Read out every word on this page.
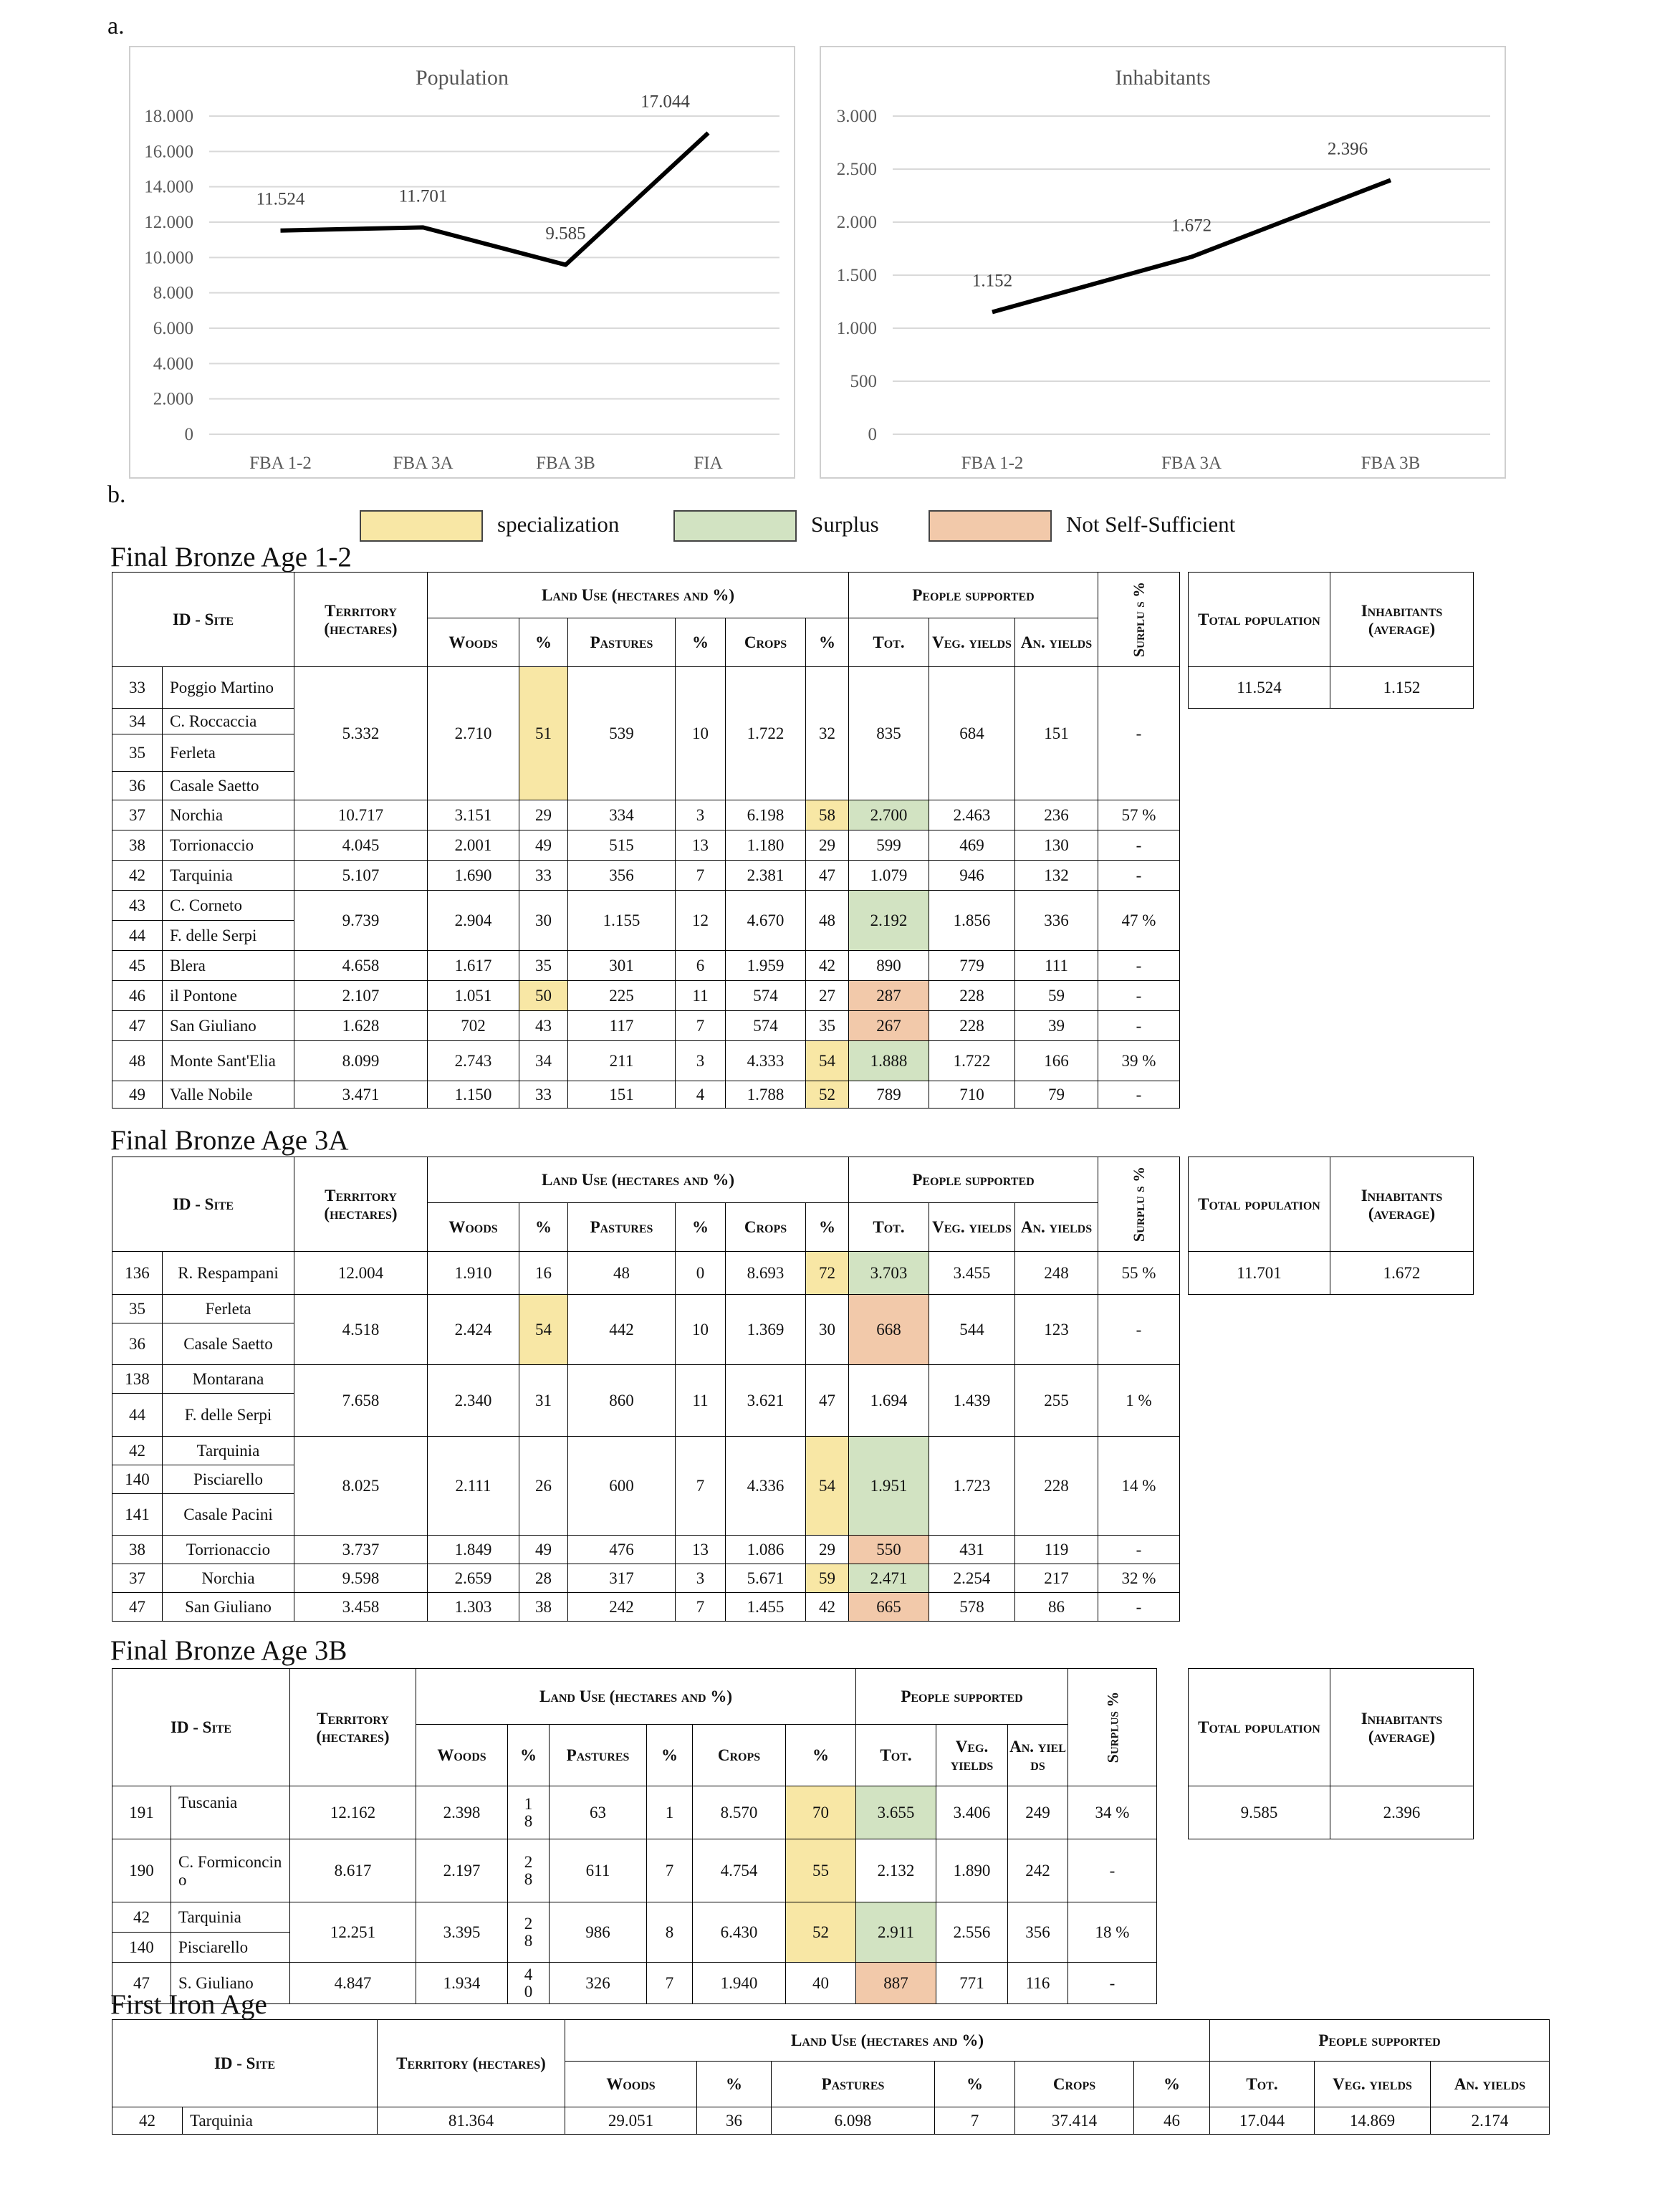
a.
b.
Population
0
2.000
4.000
6.000
8.000
10.000
12.000
14.000
16.000
18.000
FBA 1-2	FBA 3A	FBA 3B	FIA
11.524	11.701
9.585
17.044
Inhabitants
0
500
1.000
1.500
2.000
2.500
3.000
FBA 1-2	FBA 3A	FBA 3B
1.152
1.672
2.396
specialization	Surplus	Not Self-Sufficient
Final Bronze Age 1-2
Final Bronze Age 3A
Final Bronze Age 3B
First Iron Age
ID - Site		Territory (hectares)	Land Use (hectares and %)						People supported			Surplu s %
			Woods	%	Pastures	%	Crops	%	Tot.	Veg. yields	An. yields	
33	Poggio Martino	5.332	2.710	51	539	10	1.722	32	835	684	151	-
34	C. Roccaccia											
35	Ferleta											
36	Casale Saetto											
37	Norchia	10.717	3.151	29	334	3	6.198	58	2.700	2.463	236	57 %
38	Torrionaccio	4.045	2.001	49	515	13	1.180	29	599	469	130	-
42	Tarquinia	5.107	1.690	33	356	7	2.381	47	1.079	946	132	-
43	C. Corneto	9.739	2.904	30	1.155	12	4.670	48	2.192	1.856	336	47 %
44	F. delle Serpi											
45	Blera	4.658	1.617	35	301	6	1.959	42	890	779	111	-
46	il Pontone	2.107	1.051	50	225	11	574	27	287	228	59	-
47	San Giuliano	1.628	702	43	117	7	574	35	267	228	39	-
48	Monte Sant'Elia	8.099	2.743	34	211	3	4.333	54	1.888	1.722	166	39 %
49	Valle Nobile	3.471	1.150	33	151	4	1.788	52	789	710	79	-
Total population	Inhabitants (average)
11.524	1.152
ID - Site		Territory (hectares)	Land Use (hectares and %)						People supported			Surplu s %
			Woods	%	Pastures	%	Crops	%	Tot.	Veg. yields	An. yields	
136	R. Respampani	12.004	1.910	16	48	0	8.693	72	3.703	3.455	248	55 %
35	Ferleta	4.518	2.424	54	442	10	1.369	30	668	544	123	-
36	Casale Saetto											
138	Montarana	7.658	2.340	31	860	11	3.621	47	1.694	1.439	255	1 %
44	F. delle Serpi											
42	Tarquinia	8.025	2.111	26	600	7	4.336	54	1.951	1.723	228	14 %
140	Pisciarello											
141	Casale Pacini											
38	Torrionaccio	3.737	1.849	49	476	13	1.086	29	550	431	119	-
37	Norchia	9.598	2.659	28	317	3	5.671	59	2.471	2.254	217	32 %
47	San Giuliano	3.458	1.303	38	242	7	1.455	42	665	578	86	-
Total population	Inhabitants (average)
11.701	1.672
ID - Site		Territory (hectares)	Land Use (hectares and %)						People supported			Surplus %
			Woods	%	Pastures	%	Crops	%	Tot.	Veg. yields	An. yiel ds	
191	Tuscania	12.162	2.398	18	63	1	8.570	70	3.655	3.406	249	34 %
190	C. Formiconcino	8.617	2.197	28	611	7	4.754	55	2.132	1.890	242	-
42	Tarquinia	12.251	3.395	28	986	8	6.430	52	2.911	2.556	356	18 %
140	Pisciarello											
47	S. Giuliano	4.847	1.934	40	326	7	1.940	40	887	771	116	-
Total population	Inhabitants (average)
9.585	2.396
ID - Site		Territory (hectares)	Land Use (hectares and %)						People supported		
			Woods	%	Pastures	%	Crops	%	Tot.	Veg. yields	An. yields
42	Tarquinia	81.364	29.051	36	6.098	7	37.414	46	17.044	14.869	2.174
